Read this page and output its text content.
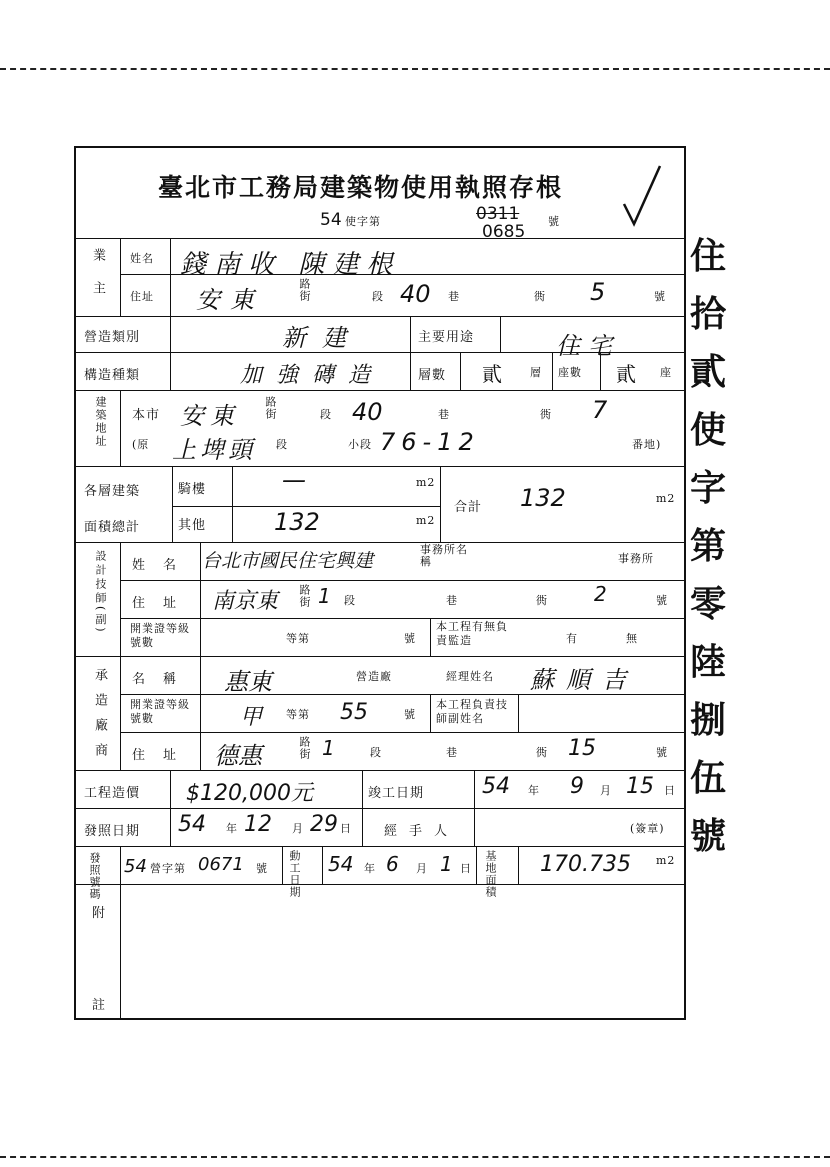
臺北市工務局建築物使用執照存根
54 使字第	0311
0685
號
業主 姓名 錢南收 陳建根
住址 安東	路街	段 40 巷	衖 5	號
營造類別	新建	主要用途	住宅
構造種類	加強磚造	層數 貳	層 座數 貳 座
建築地址 本市 安東 路街	段 40	巷	衖 7
(原 上埤頭 段	小段 76-12	番地)
各層建築
面積總計
騎樓	—	m2
其他	132	m2
合計 132	m2
設計技師(副) 姓名 台北市國民住宅興建
事務所名稱	事務所
住址 南京東 路街 1 段	巷	衖 2	號
開業證等級號數	等第	號
本工程有無負責監造	有	無
承造廠商 名稱 惠東	營造廠	經理姓名 蘇順吉
開業證等級號數	甲 等第 55	號
本工程負責技師副姓名
住址 德惠	路街 1	段	巷	衖 15	號
工程造價 $120,000元	竣工日期	54 年 9 月 15 日
發照日期 54 年 12 月 29 日 經手人	(簽章)
發照號碼 54 營字第 0671 號 動工日期 54 年 6 月 1 日 基地面積 170.735 m2
附
註
住
拾
貳
使
字
第
零
陸
捌
伍
號
